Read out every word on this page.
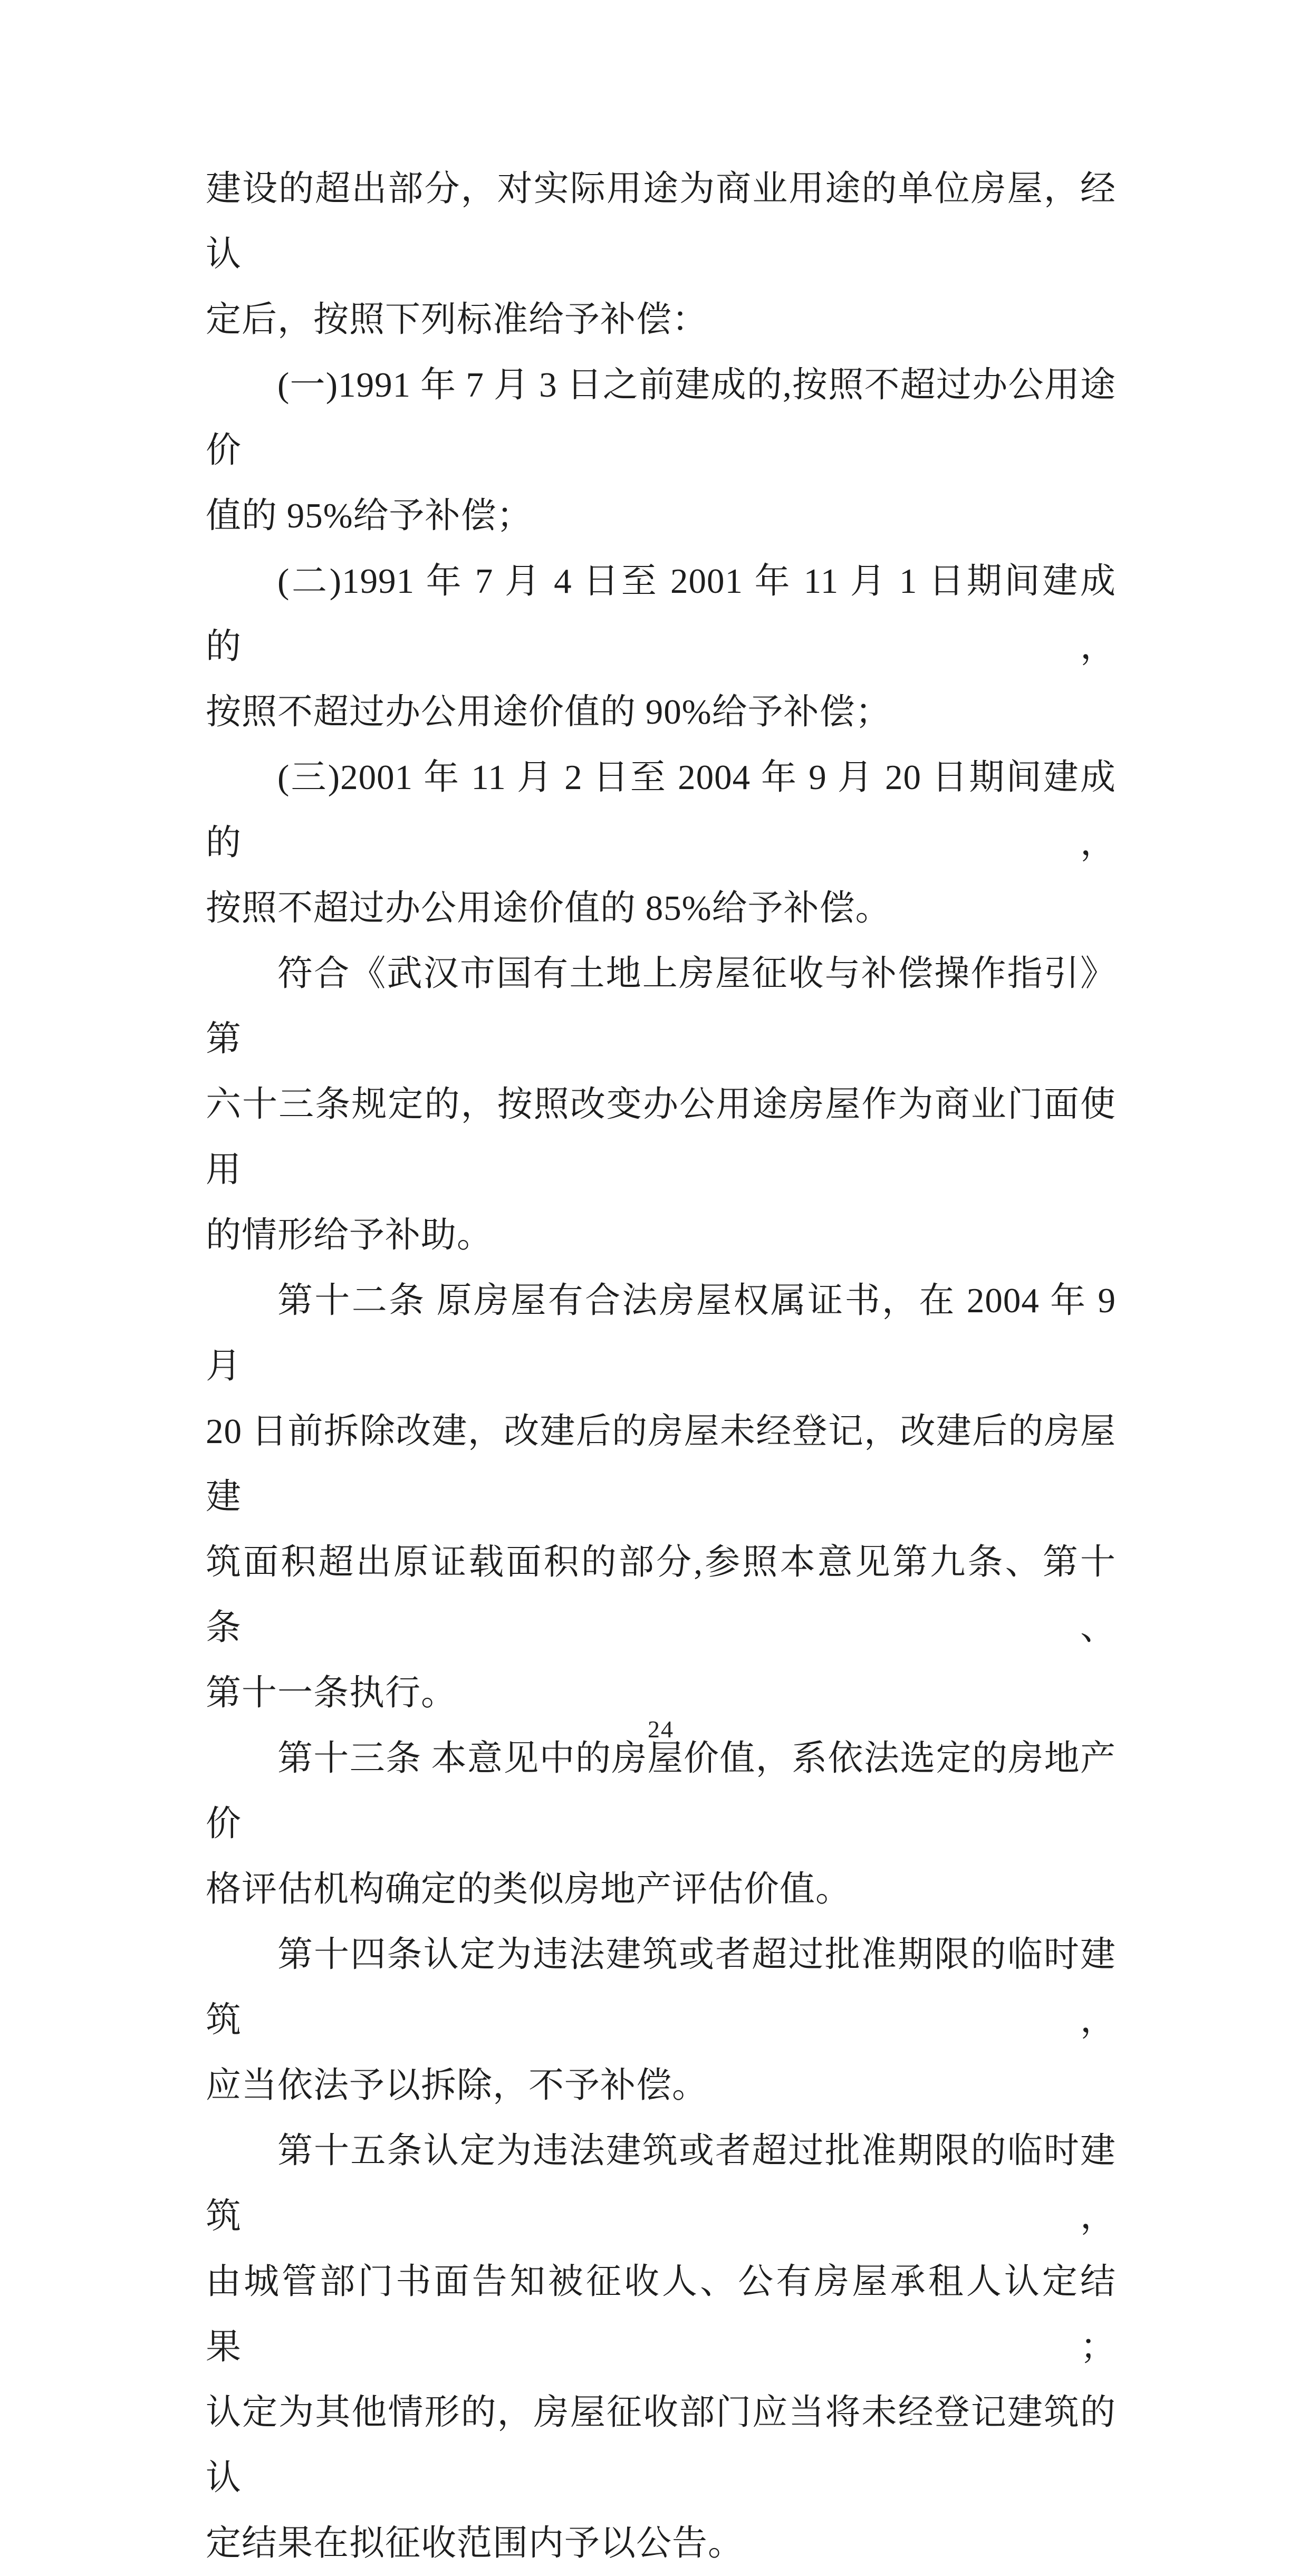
建设的超出部分，对实际用途为商业用途的单位房屋，经认

定后，按照下列标准给予补偿：

(一)1991 年 7 月 3 日之前建成的,按照不超过办公用途价

值的 95%给予补偿；

(二)1991 年 7 月 4 日至 2001 年 11 月 1 日期间建成的，

按照不超过办公用途价值的 90%给予补偿；

(三)2001 年 11 月 2 日至 2004 年 9 月 20 日期间建成的，

按照不超过办公用途价值的 85%给予补偿。

符合《武汉市国有土地上房屋征收与补偿操作指引》第

六十三条规定的，按照改变办公用途房屋作为商业门面使用

的情形给予补助。

第十二条 原房屋有合法房屋权属证书，在 2004 年 9 月

20 日前拆除改建，改建后的房屋未经登记，改建后的房屋建

筑面积超出原证载面积的部分,参照本意见第九条、第十条、

第十一条执行。

第十三条 本意见中的房屋价值，系依法选定的房地产价

格评估机构确定的类似房地产评估价值。

第十四条认定为违法建筑或者超过批准期限的临时建筑，

应当依法予以拆除，不予补偿。

第十五条认定为违法建筑或者超过批准期限的临时建筑，

由城管部门书面告知被征收人、公有房屋承租人认定结果；

认定为其他情形的，房屋征收部门应当将未经登记建筑的认

定结果在拟征收范围内予以公告。

24
